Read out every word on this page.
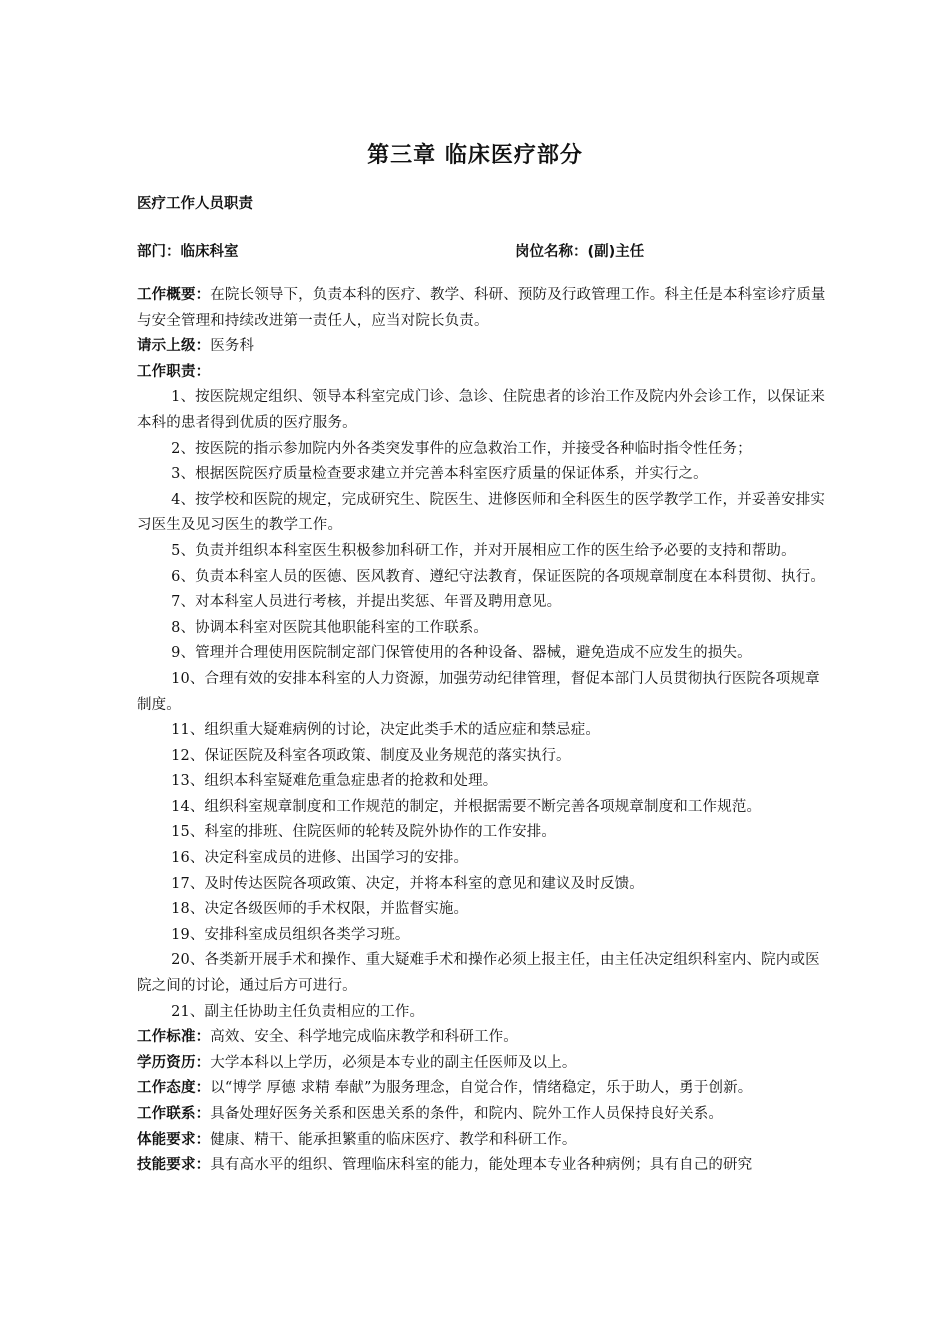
第三章 临床医疗部分
医疗工作人员职责
部门：临床科室	岗位名称：(副)主任

工作概要：在院长领导下，负责本科的医疗、教学、科研、预防及行政管理工作。科主任是本科室诊疗质量与安全管理和持续改进第一责任人，应当对院长负责。

请示上级：医务科

工作职责：

1、按医院规定组织、领导本科室完成门诊、急诊、住院患者的诊治工作及院内外会诊工作，以保证来本科的患者得到优质的医疗服务。

2、按医院的指示参加院内外各类突发事件的应急救治工作，并接受各种临时指令性任务；

3、根据医院医疗质量检查要求建立并完善本科室医疗质量的保证体系，并实行之。

4、按学校和医院的规定，完成研究生、院医生、进修医师和全科医生的医学教学工作，并妥善安排实习医生及见习医生的教学工作。

5、负责并组织本科室医生积极参加科研工作，并对开展相应工作的医生给予必要的支持和帮助。

6、负责本科室人员的医德、医风教育、遵纪守法教育，保证医院的各项规章制度在本科贯彻、执行。

7、对本科室人员进行考核，并提出奖惩、年晋及聘用意见。

8、协调本科室对医院其他职能科室的工作联系。

9、管理并合理使用医院制定部门保管使用的各种设备、器械，避免造成不应发生的损失。

10、合理有效的安排本科室的人力资源，加强劳动纪律管理，督促本部门人员贯彻执行医院各项规章制度。

11、组织重大疑难病例的讨论，决定此类手术的适应症和禁忌症。

12、保证医院及科室各项政策、制度及业务规范的落实执行。

13、组织本科室疑难危重急症患者的抢救和处理。

14、组织科室规章制度和工作规范的制定，并根据需要不断完善各项规章制度和工作规范。

15、科室的排班、住院医师的轮转及院外协作的工作安排。

16、决定科室成员的进修、出国学习的安排。

17、及时传达医院各项政策、决定，并将本科室的意见和建议及时反馈。

18、决定各级医师的手术权限，并监督实施。

19、安排科室成员组织各类学习班。

20、各类新开展手术和操作、重大疑难手术和操作必须上报主任，由主任决定组织科室内、院内或医院之间的讨论，通过后方可进行。

21、副主任协助主任负责相应的工作。

工作标准：高效、安全、科学地完成临床教学和科研工作。

学历资历：大学本科以上学历，必须是本专业的副主任医师及以上。

工作态度：以“博学 厚德 求精 奉献”为服务理念，自觉合作，情绪稳定，乐于助人，勇于创新。

工作联系：具备处理好医务关系和医患关系的条件，和院内、院外工作人员保持良好关系。

体能要求：健康、精干、能承担繁重的临床医疗、教学和科研工作。

技能要求：具有高水平的组织、管理临床科室的能力，能处理本专业各种病例；具有自己的研究
